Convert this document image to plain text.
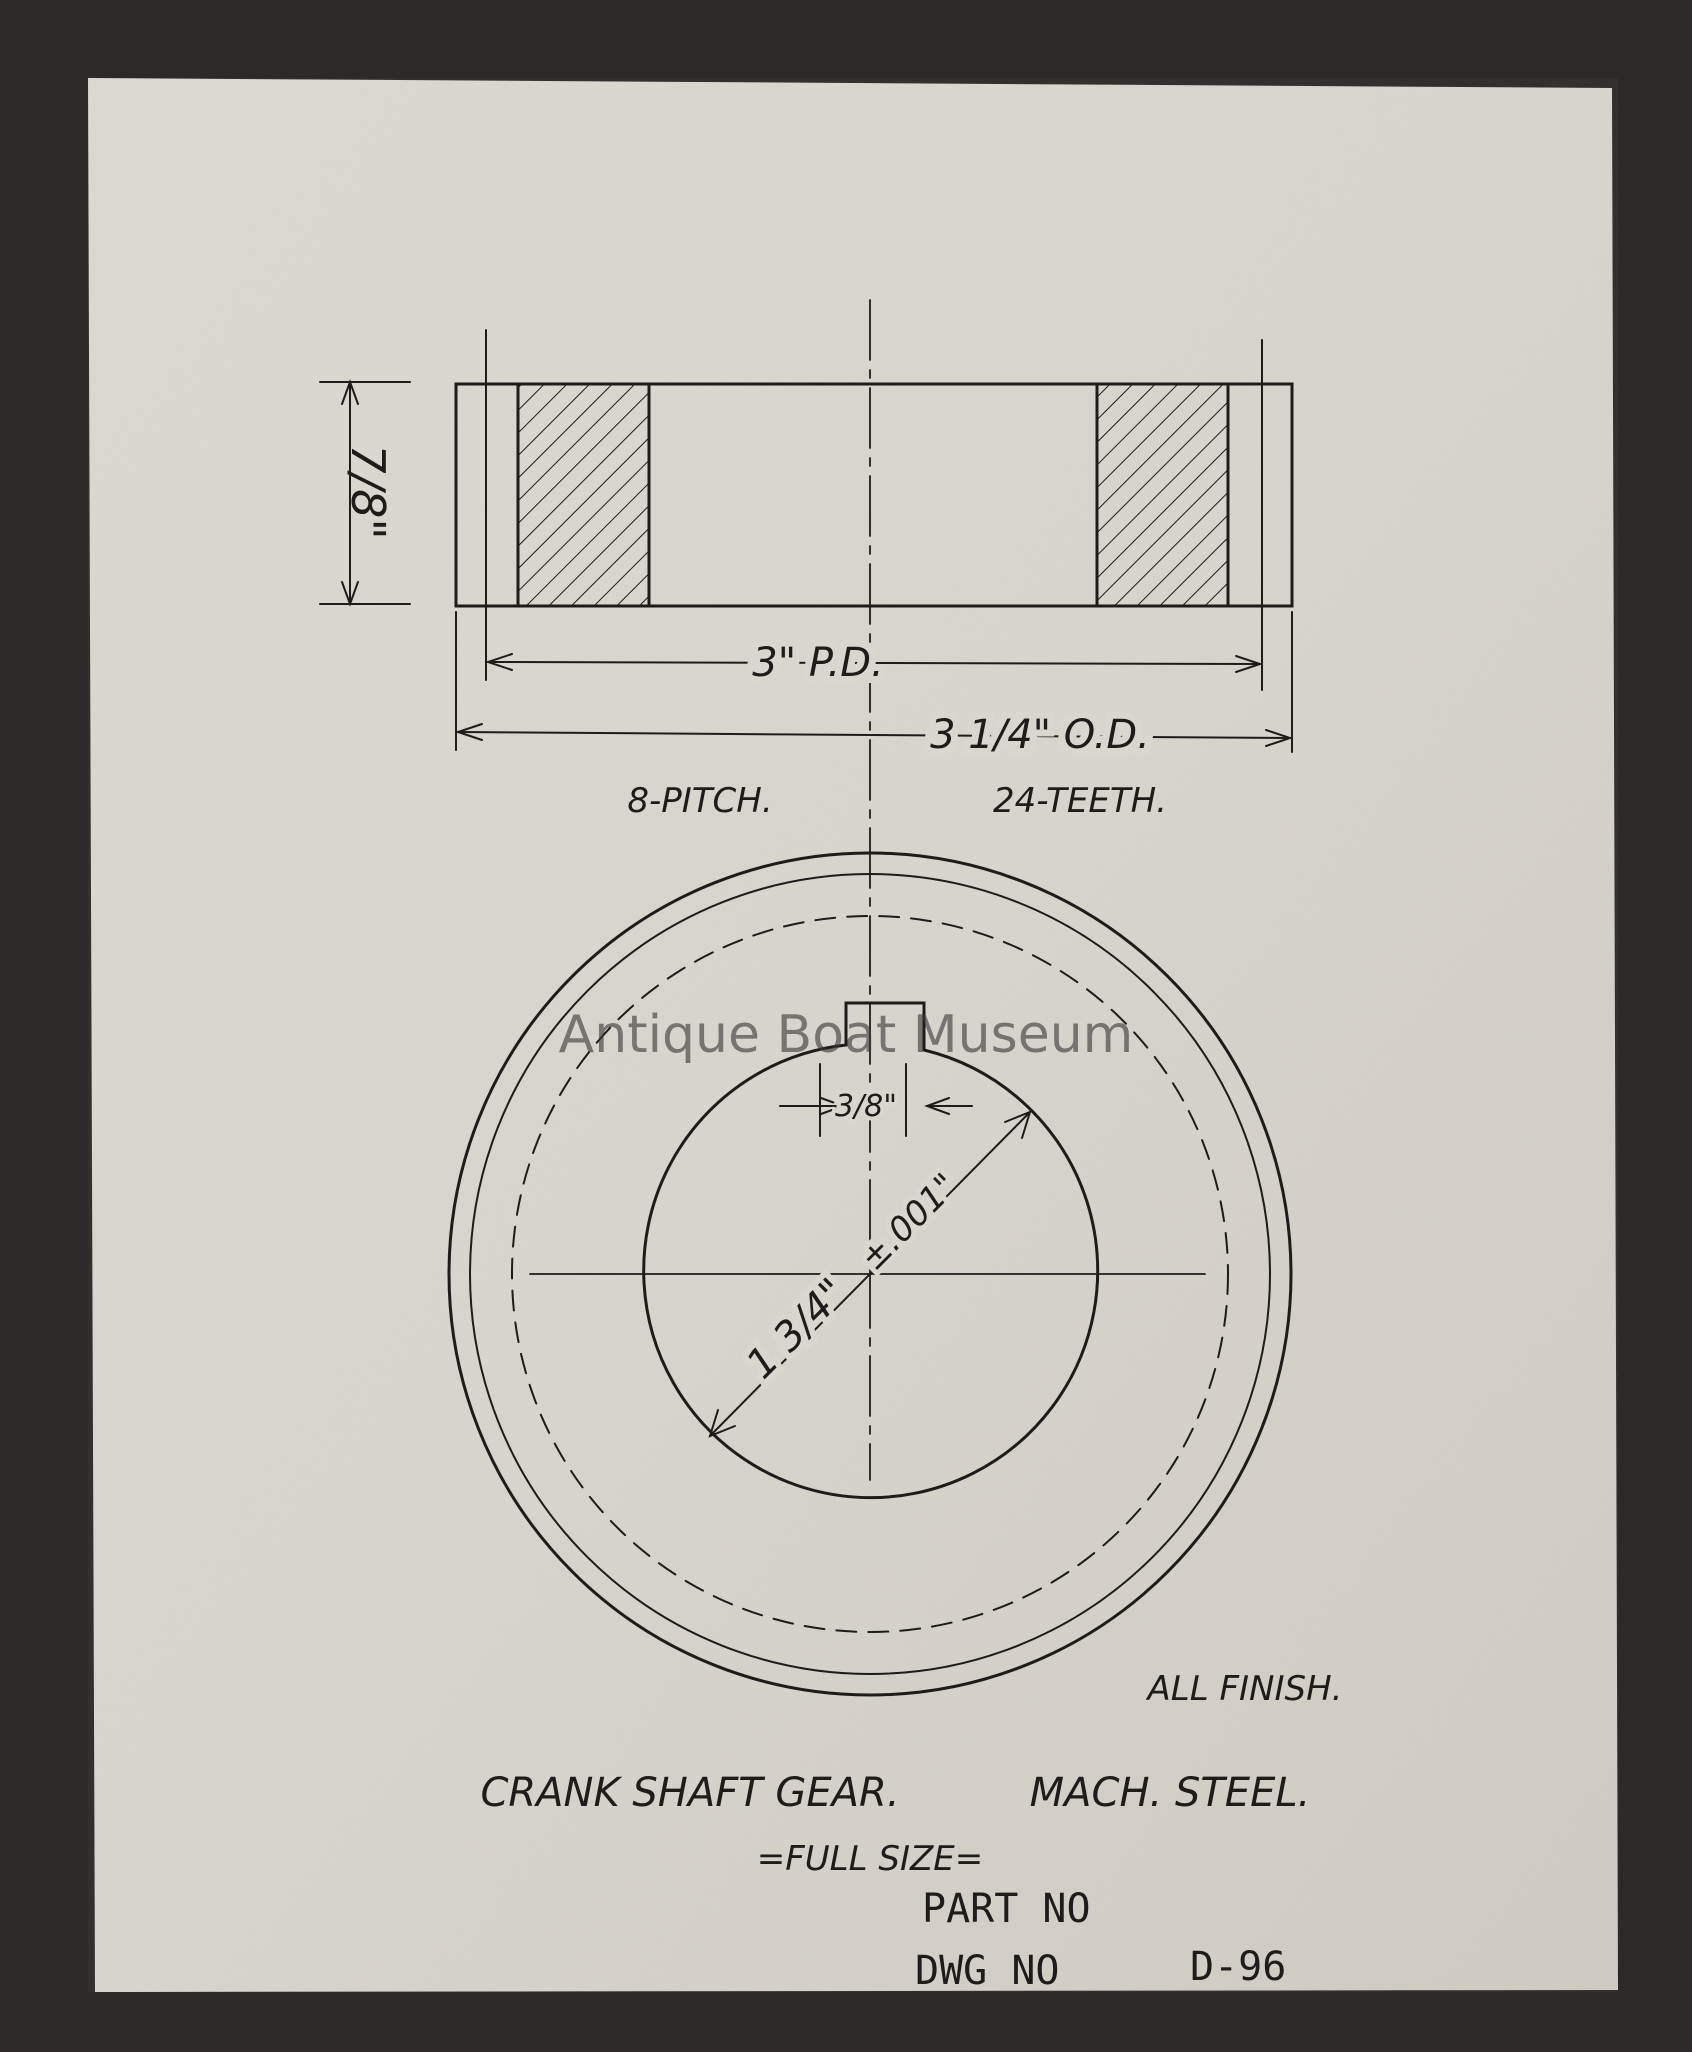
7/8"
3" P.D.
3 1/4" O.D.
8-PITCH.	24-TEETH.
3/8"
1 3/4"
±.001"
ALL FINISH.
CRANK SHAFT GEAR.	MACH. STEEL.
=FULL SIZE=
PART NO
DWG NO	D-96
Antique Boat Museum
